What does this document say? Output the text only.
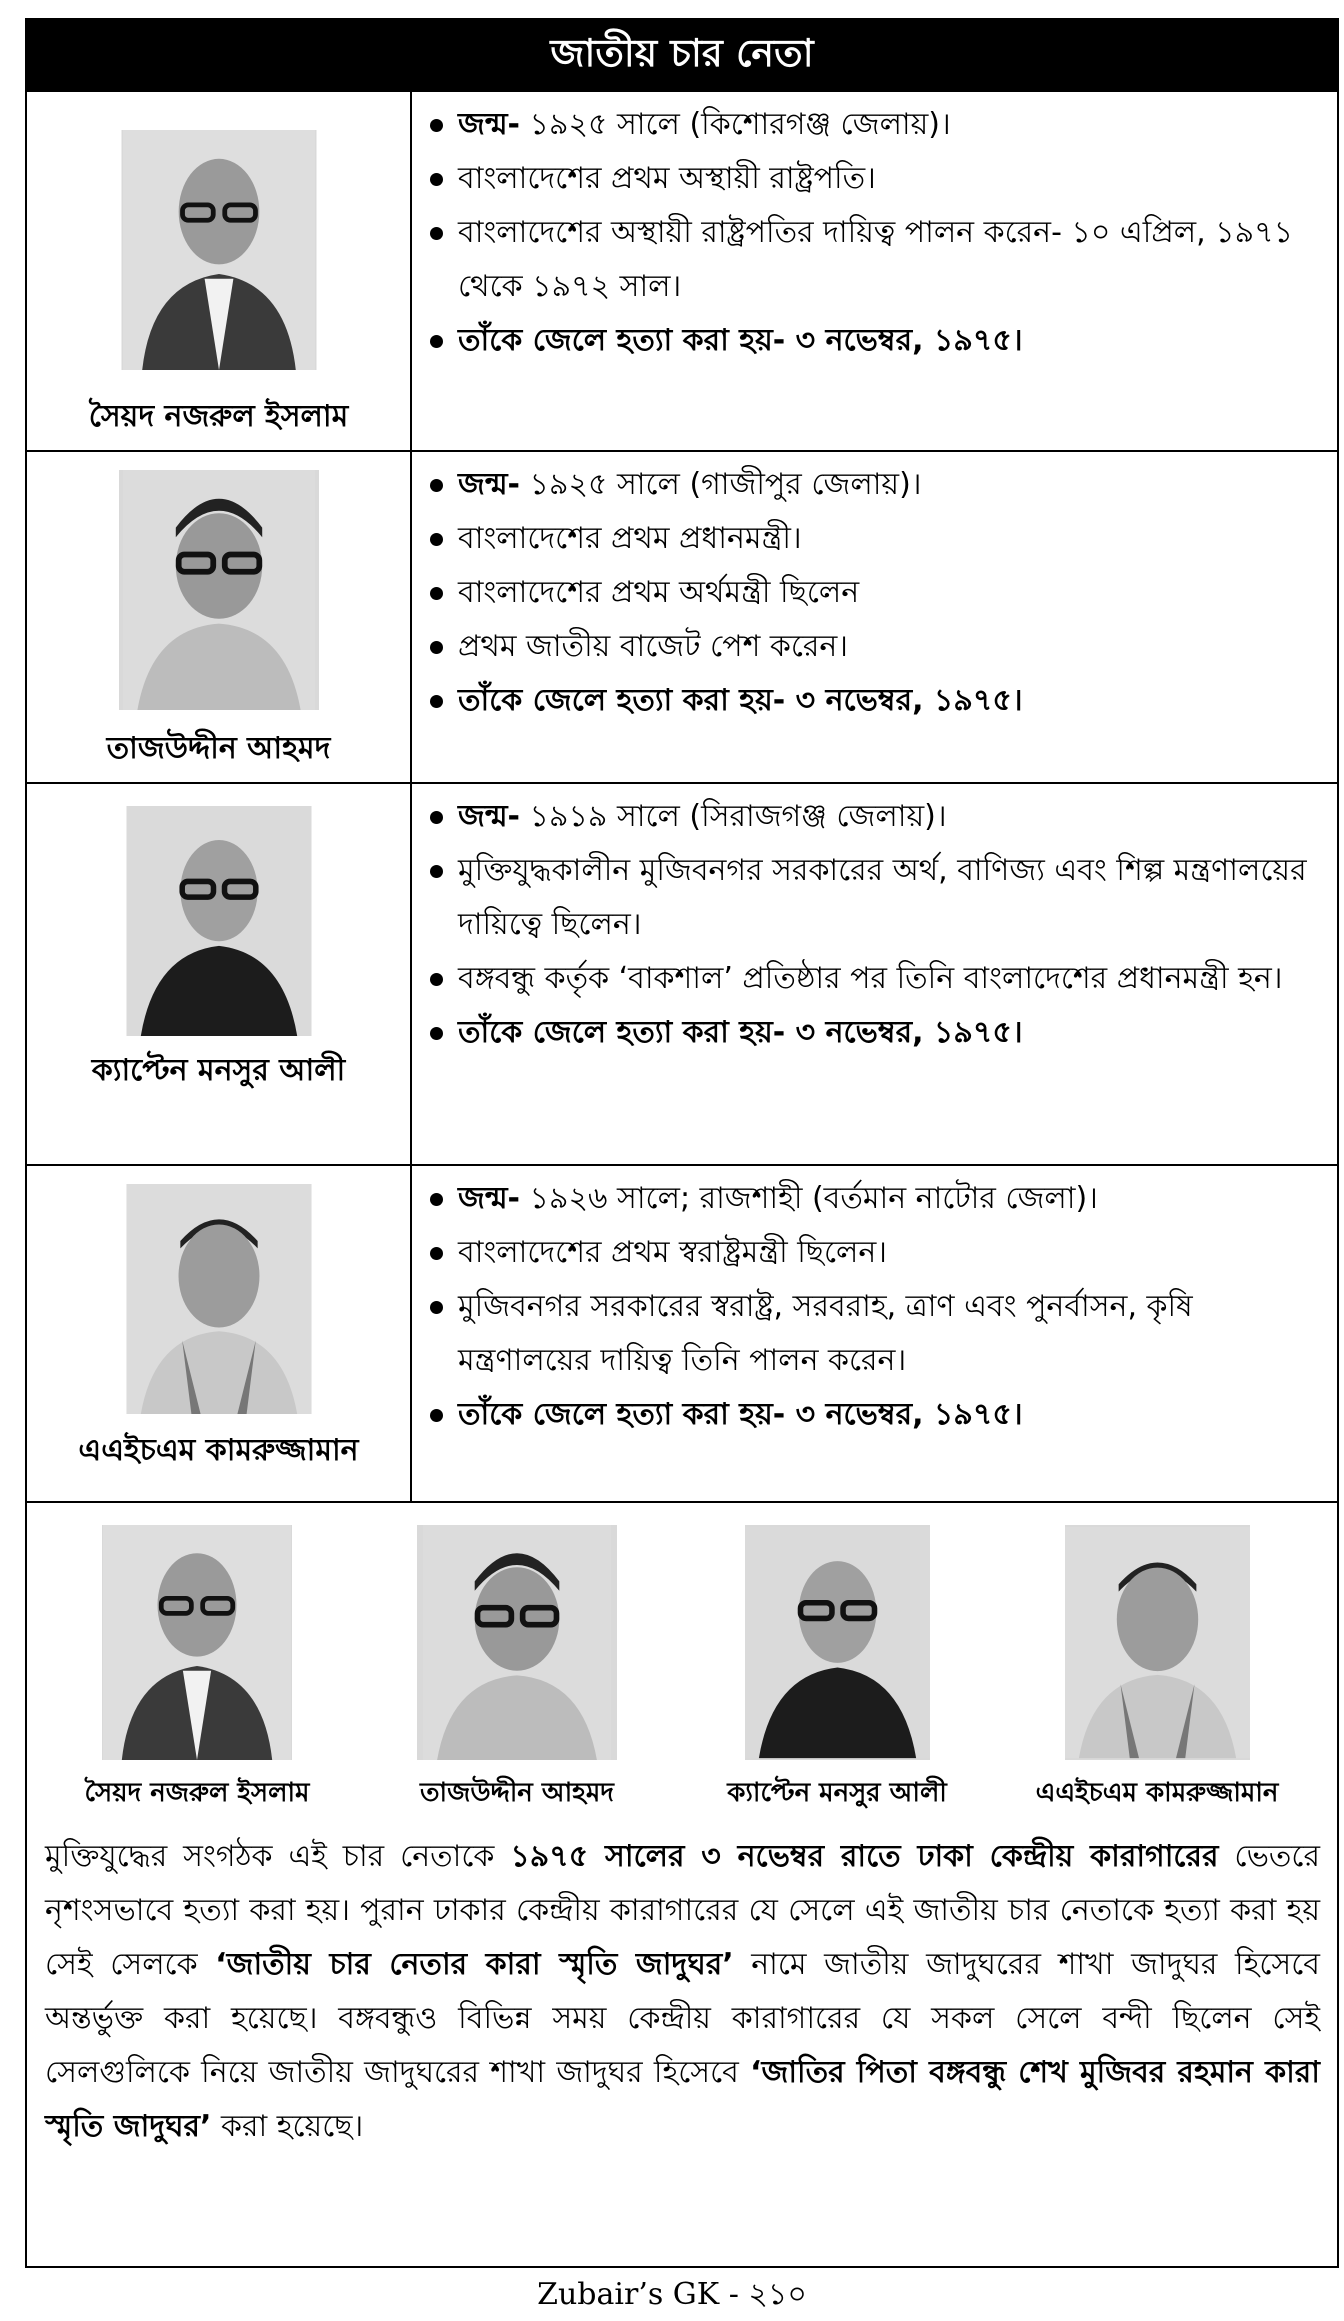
জাতীয় চার নেতা
সৈয়দ নজরুল ইসলাম
জন্ম- ১৯২৫ সালে (কিশোরগঞ্জ জেলায়)।
বাংলাদেশের প্রথম অস্থায়ী রাষ্ট্রপতি।
বাংলাদেশের অস্থায়ী রাষ্ট্রপতির দায়িত্ব পালন করেন- ১০ এপ্রিল, ১৯৭১ থেকে ১৯৭২ সাল।
তাঁকে জেলে হত্যা করা হয়- ৩ নভেম্বর, ১৯৭৫।
তাজউদ্দীন আহমদ
জন্ম- ১৯২৫ সালে (গাজীপুর জেলায়)।
বাংলাদেশের প্রথম প্রধানমন্ত্রী।
বাংলাদেশের প্রথম অর্থমন্ত্রী ছিলেন
প্রথম জাতীয় বাজেট পেশ করেন।
তাঁকে জেলে হত্যা করা হয়- ৩ নভেম্বর, ১৯৭৫।
ক্যাপ্টেন মনসুর আলী
জন্ম- ১৯১৯ সালে (সিরাজগঞ্জ জেলায়)।
মুক্তিযুদ্ধকালীন মুজিবনগর সরকারের অর্থ, বাণিজ্য এবং শিল্প মন্ত্রণালয়ের দায়িত্বে ছিলেন।
বঙ্গবন্ধু কর্তৃক ‘বাকশাল’ প্রতিষ্ঠার পর তিনি বাংলাদেশের প্রধানমন্ত্রী হন।
তাঁকে জেলে হত্যা করা হয়- ৩ নভেম্বর, ১৯৭৫।
এএইচএম কামরুজ্জামান
জন্ম- ১৯২৬ সালে; রাজশাহী (বর্তমান নাটোর জেলা)।
বাংলাদেশের প্রথম স্বরাষ্ট্রমন্ত্রী ছিলেন।
মুজিবনগর সরকারের স্বরাষ্ট্র, সরবরাহ, ত্রাণ এবং পুনর্বাসন, কৃষি মন্ত্রণালয়ের দায়িত্ব তিনি পালন করেন।
তাঁকে জেলে হত্যা করা হয়- ৩ নভেম্বর, ১৯৭৫।
সৈয়দ নজরুল ইসলাম	তাজউদ্দীন আহমদ	ক্যাপ্টেন মনসুর আলী	এএইচএম কামরুজ্জামান
মুক্তিযুদ্ধের সংগঠক এই চার নেতাকে ১৯৭৫ সালের ৩ নভেম্বর রাতে ঢাকা কেন্দ্রীয় কারাগারের ভেতরে নৃশংসভাবে হত্যা করা হয়। পুরান ঢাকার কেন্দ্রীয় কারাগারের যে সেলে এই জাতীয় চার নেতাকে হত্যা করা হয় সেই সেলকে ‘জাতীয় চার নেতার কারা স্মৃতি জাদুঘর’ নামে জাতীয় জাদুঘরের শাখা জাদুঘর হিসেবে অন্তর্ভুক্ত করা হয়েছে। বঙ্গবন্ধুও বিভিন্ন সময় কেন্দ্রীয় কারাগারের যে সকল সেলে বন্দী ছিলেন সেই সেলগুলিকে নিয়ে জাতীয় জাদুঘরের শাখা জাদুঘর হিসেবে ‘জাতির পিতা বঙ্গবন্ধু শেখ মুজিবর রহমান কারা স্মৃতি জাদুঘর’ করা হয়েছে।
Zubair’s GK - ২১০
